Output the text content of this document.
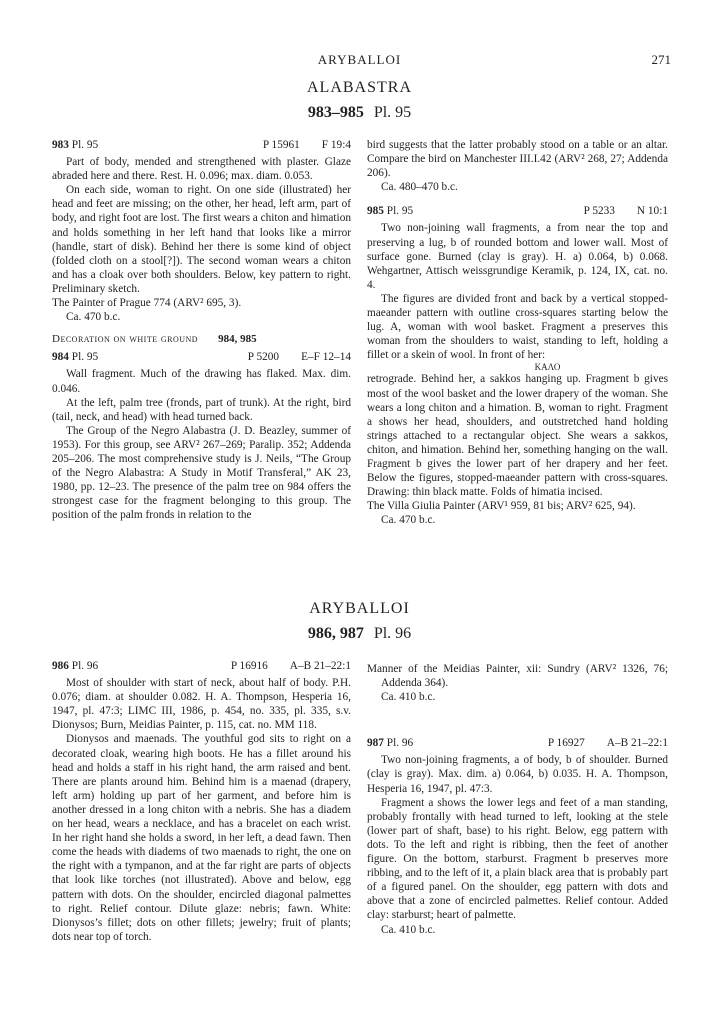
ARYBALLOI	271
ALABASTRA
983–985 Pl. 95
983 Pl. 95	P 15961 F 19:4

Part of body, mended and strengthened with plaster. Glaze abraded here and there. Rest. H. 0.096; max. diam. 0.053.

On each side, woman to right. On one side (illustrated) her head and feet are missing; on the other, her head, left arm, part of body, and right foot are lost. The first wears a chiton and himation and holds something in her left hand that looks like a mirror (handle, start of disk). Behind her there is some kind of object (folded cloth on a stool[?]). The second woman wears a chiton and has a cloak over both shoulders. Below, key pattern to right. Preliminary sketch.

The Painter of Prague 774 (ARV² 695, 3).

Ca. 470 b.c.

Decoration on white ground 984, 985
984 Pl. 95	P 5200 E–F 12–14

Wall fragment. Much of the drawing has flaked. Max. dim. 0.046.

At the left, palm tree (fronds, part of trunk). At the right, bird (tail, neck, and head) with head turned back.

The Group of the Negro Alabastra (J. D. Beazley, summer of 1953). For this group, see ARV² 267–269; Paralip. 352; Addenda 205–206. The most comprehensive study is J. Neils, “The Group of the Negro Alabastra: A Study in Motif Transferal,” AK 23, 1980, pp. 12–23. The presence of the palm tree on 984 offers the strongest case for the fragment belonging to this group. The position of the palm fronds in relation to the

bird suggests that the latter probably stood on a table or an altar. Compare the bird on Manchester III.I.42 (ARV² 268, 27; Addenda 206).

Ca. 480–470 b.c.

985 Pl. 95	P 5233 N 10:1

Two non-joining wall fragments, a from near the top and preserving a lug, b of rounded bottom and lower wall. Most of surface gone. Burned (clay is gray). H. a) 0.064, b) 0.068. Wehgartner, Attisch weissgrundige Keramik, p. 124, IX, cat. no. 4.

The figures are divided front and back by a vertical stopped-maeander pattern with outline cross-squares starting below the lug. A, woman with wool basket. Fragment a preserves this woman from the shoulders to waist, standing to left, holding a fillet or a skein of wool. In front of her:

ΚΑΛΟ

retrograde. Behind her, a sakkos hanging up. Fragment b gives most of the wool basket and the lower drapery of the woman. She wears a long chiton and a himation. B, woman to right. Fragment a shows her head, shoulders, and outstretched hand holding strings attached to a rectangular object. She wears a sakkos, chiton, and himation. Behind her, something hanging on the wall. Fragment b gives the lower part of her drapery and her feet. Below the figures, stopped-maeander pattern with cross-squares. Drawing: thin black matte. Folds of himatia incised.

The Villa Giulia Painter (ARV¹ 959, 81 bis; ARV² 625, 94).

Ca. 470 b.c.

ARYBALLOI
986, 987 Pl. 96
986 Pl. 96	P 16916 A–B 21–22:1

Most of shoulder with start of neck, about half of body. P.H. 0.076; diam. at shoulder 0.082. H. A. Thompson, Hesperia 16, 1947, pl. 47:3; LIMC III, 1986, p. 454, no. 335, pl. 335, s.v. Dionysos; Burn, Meidias Painter, p. 115, cat. no. MM 118.

Dionysos and maenads. The youthful god sits to right on a decorated cloak, wearing high boots. He has a fillet around his head and holds a staff in his right hand, the arm raised and bent. There are plants around him. Behind him is a maenad (drapery, left arm) holding up part of her garment, and before him is another dressed in a long chiton with a nebris. She has a diadem on her head, wears a necklace, and has a bracelet on each wrist. In her right hand she holds a sword, in her left, a dead fawn. Then come the heads with diadems of two maenads to right, the one on the right with a tympanon, and at the far right are parts of objects that look like torches (not illustrated). Above and below, egg pattern with dots. On the shoulder, encircled diagonal palmettes to right. Relief contour. Dilute glaze: nebris; fawn. White: Dionysos’s fillet; dots on other fillets; jewelry; fruit of plants; dots near top of torch.

Manner of the Meidias Painter, xii: Sundry (ARV² 1326, 76; Addenda 364).

Ca. 410 b.c.

987 Pl. 96	P 16927 A–B 21–22:1

Two non-joining fragments, a of body, b of shoulder. Burned (clay is gray). Max. dim. a) 0.064, b) 0.035. H. A. Thompson, Hesperia 16, 1947, pl. 47:3.

Fragment a shows the lower legs and feet of a man standing, probably frontally with head turned to left, looking at the stele (lower part of shaft, base) to his right. Below, egg pattern with dots. To the left and right is ribbing, then the feet of another figure. On the bottom, starburst. Fragment b preserves more ribbing, and to the left of it, a plain black area that is probably part of a figured panel. On the shoulder, egg pattern with dots and above that a zone of encircled palmettes. Relief contour. Added clay: starburst; heart of palmette.

Ca. 410 b.c.
